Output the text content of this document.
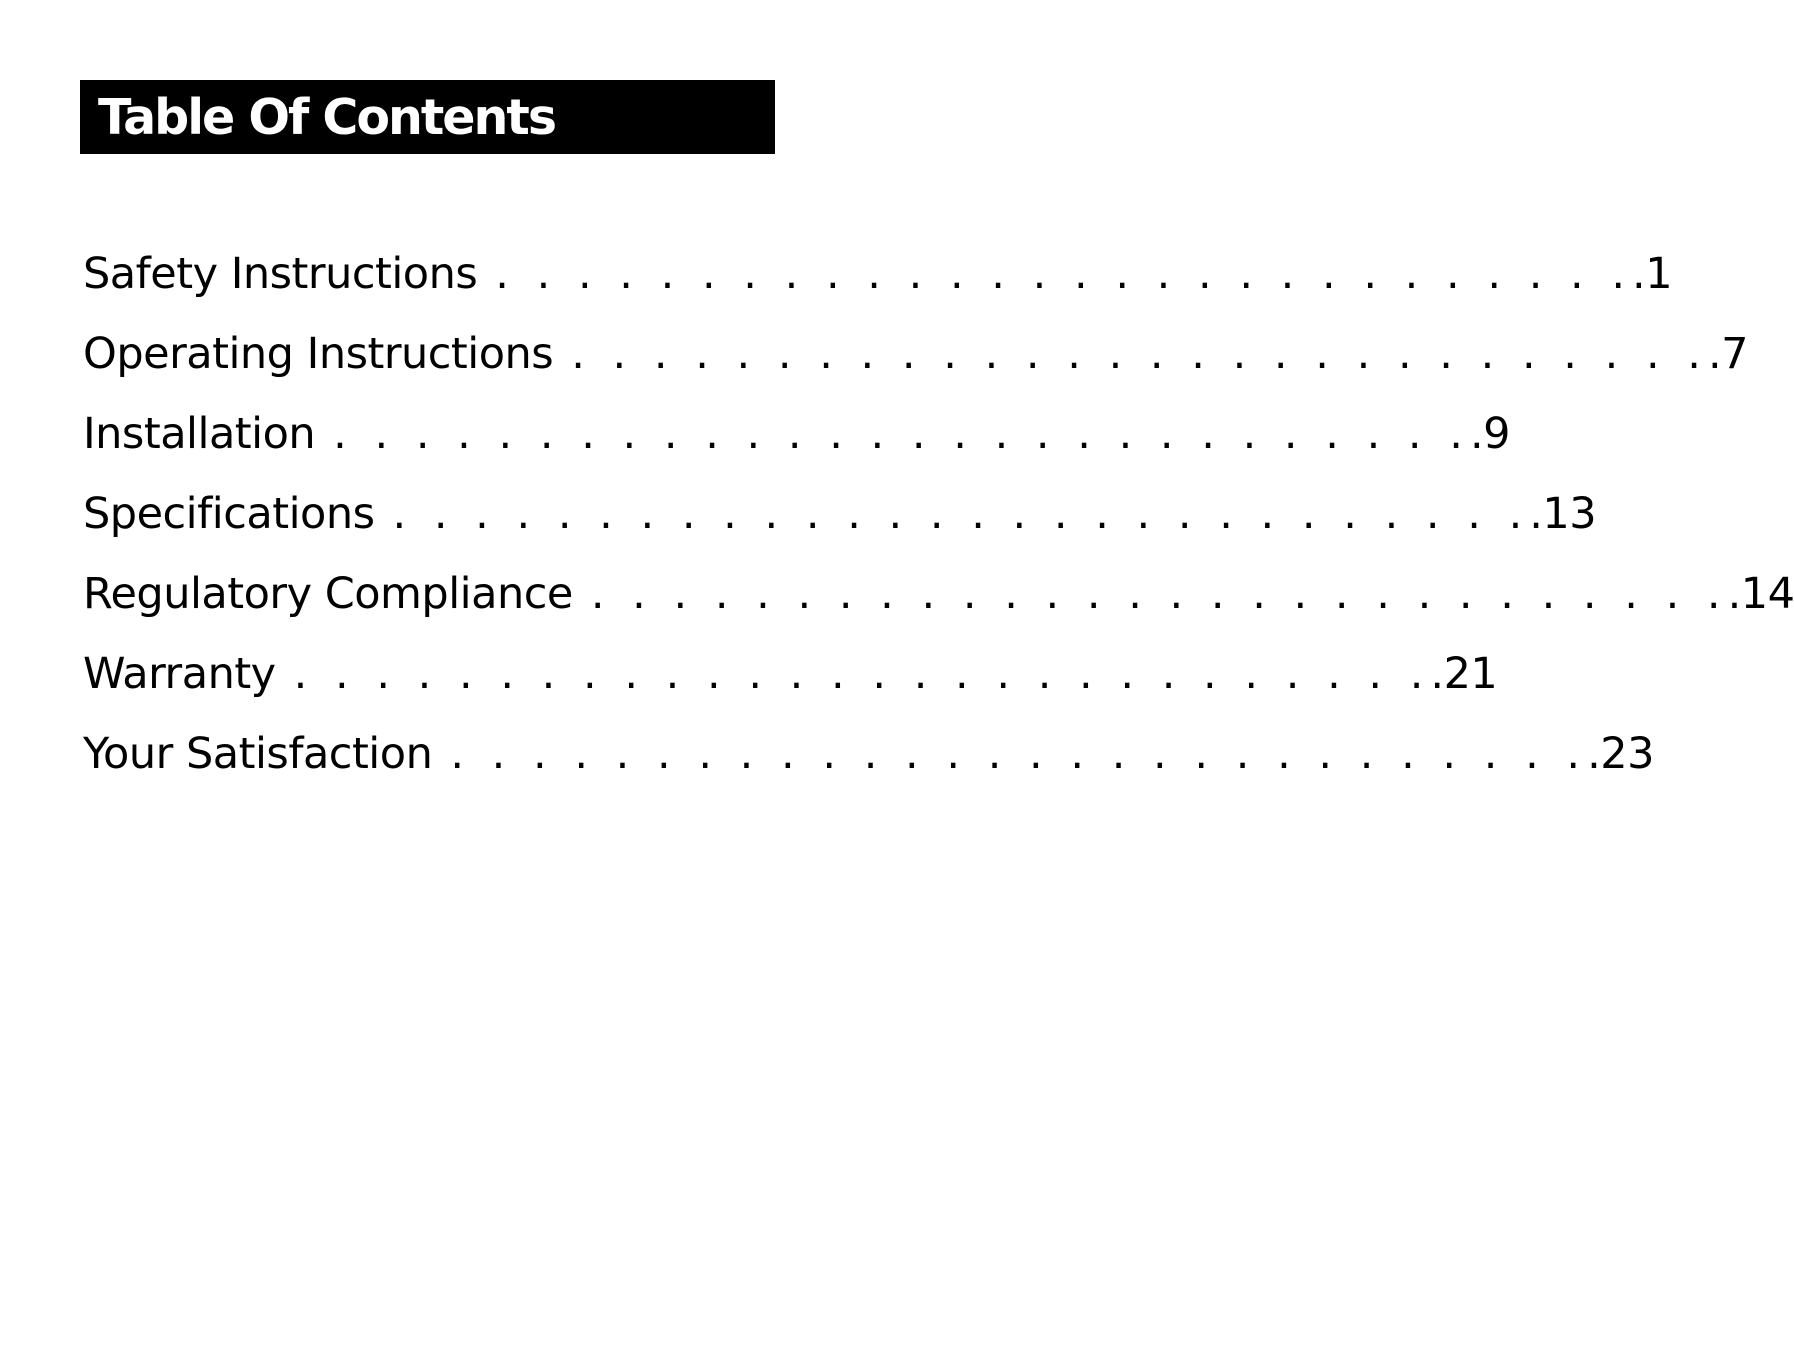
Table Of Contents
Safety Instructions . . . . . . . . . . . . . . . . . . . . . . . . . . . . .1
Operating Instructions . . . . . . . . . . . . . . . . . . . . . . . . . . . . .7
Installation . . . . . . . . . . . . . . . . . . . . . . . . . . . . .9
Specifications . . . . . . . . . . . . . . . . . . . . . . . . . . . . .13
Regulatory Compliance . . . . . . . . . . . . . . . . . . . . . . . . . . . . .14
Warranty . . . . . . . . . . . . . . . . . . . . . . . . . . . . .21
Your Satisfaction . . . . . . . . . . . . . . . . . . . . . . . . . . . . .23
